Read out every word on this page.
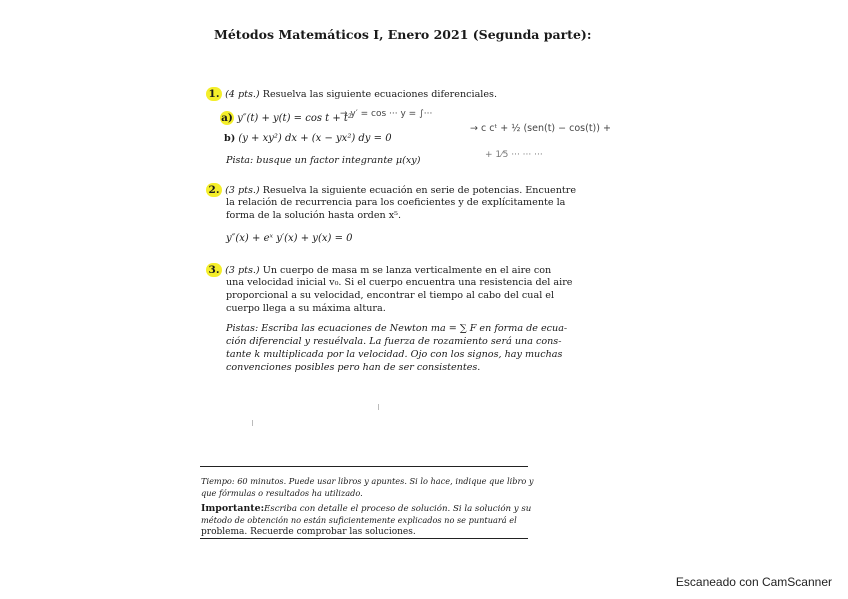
Métodos Matemáticos I, Enero 2021 (Segunda parte):
1. (4 pts.) Resuelva las siguiente ecuaciones diferenciales.
a) y″(t) + y(t) = cos t + t²
b) (y + xy²) dx + (x − yx²) dy = 0
Pista: busque un factor integrante μ(xy)
→ y′ = cos ··· y = ∫···
→ c cᵗ + ½ (sen(t) − cos(t)) +
+ 1⁄5 ··· ··· ···
2. (3 pts.) Resuelva la siguiente ecuación en serie de potencias. Encuentre
la relación de recurrencia para los coeficientes y de explícitamente la
forma de la solución hasta orden x⁵.
y″(x) + eˣ y′(x) + y(x) = 0
3. (3 pts.) Un cuerpo de masa m se lanza verticalmente en el aire con
una velocidad inicial v₀. Si el cuerpo encuentra una resistencia del aire
proporcional a su velocidad, encontrar el tiempo al cabo del cual el
cuerpo llega a su máxima altura.
Pistas: Escriba las ecuaciones de Newton ma = ∑ F en forma de ecua-
ción diferencial y resuélvala. La fuerza de rozamiento será una cons-
tante k multiplicada por la velocidad. Ojo con los signos, hay muchas
convenciones posibles pero han de ser consistentes.
Tiempo: 60 minutos. Puede usar libros y apuntes. Si lo hace, indique que libro y
que fórmulas o resultados ha utilizado.
Importante:Escriba con detalle el proceso de solución. Si la solución y su
método de obtención no están suficientemente explicados no se puntuará el
problema. Recuerde comprobar las soluciones.
Escaneado con CamScanner
